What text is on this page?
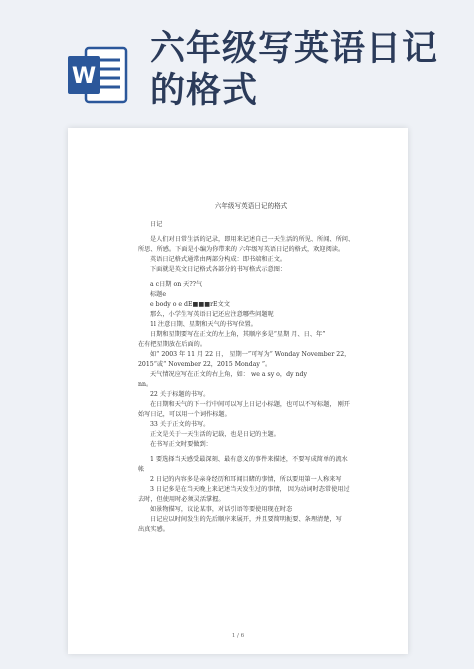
W
六年级写英语日记
的格式
六年级写英语日记的格式

日记

是人们对日常生活的记录，即用来记述自己一天生活的所见、所闻、所问、

所思、所感。下面是小编为你带来的 六年级写英语日记的格式，欢迎阅读。

英语日记格式通常由两部分构成：即书端和正文。

下面就是英文日记格式各部分的书写格式示意图：

a c日期 on 天??气

标题e

e body o e dE■■■rE文文

那么，小学生写英语日记还应注意哪些问题呢

1l 注意日期、星期和天气的书写位置。

日期和星期要写在正文的左上角，其顺序多是“星期 月、日、年”

在有把星期放在后面的。

如“ 2003 年 11 月 22 日， 星期一”可写为“ Wonday November 22，

2015“或“ November 22，2015 Monday ”。

天气情况应写在正文的右上角，如： we a sy o，dy ndy

nn。

22 关于标题的书写。

在日期和天气的下一行中间可以写上日记小标题，也可以不写标题， 刚开

始写日记，可以用一个词作标题。

33 关于正文的书写。

正文是关于一天生活的记载，也是日记的主题。

在书写正文时要做到：

1 要选择当天感受最深刻、最有意义的事件来描述，不要写成简单的流水

帐

2 日记的内容多是亲身经历和耳闻目睹的事情，所以要用第一人称来写

3 日记多是在当天晚上来记述当天发生过的事情， 因为动词时态常使用过

去时，但使用时必须灵活掌握。

如景物描写，议论某事，对话引语等要使用现在时态

日记应以时间发生的先后顺序来展开，并且要简明扼要、条理清楚，写

出真实感。

1 / 6
